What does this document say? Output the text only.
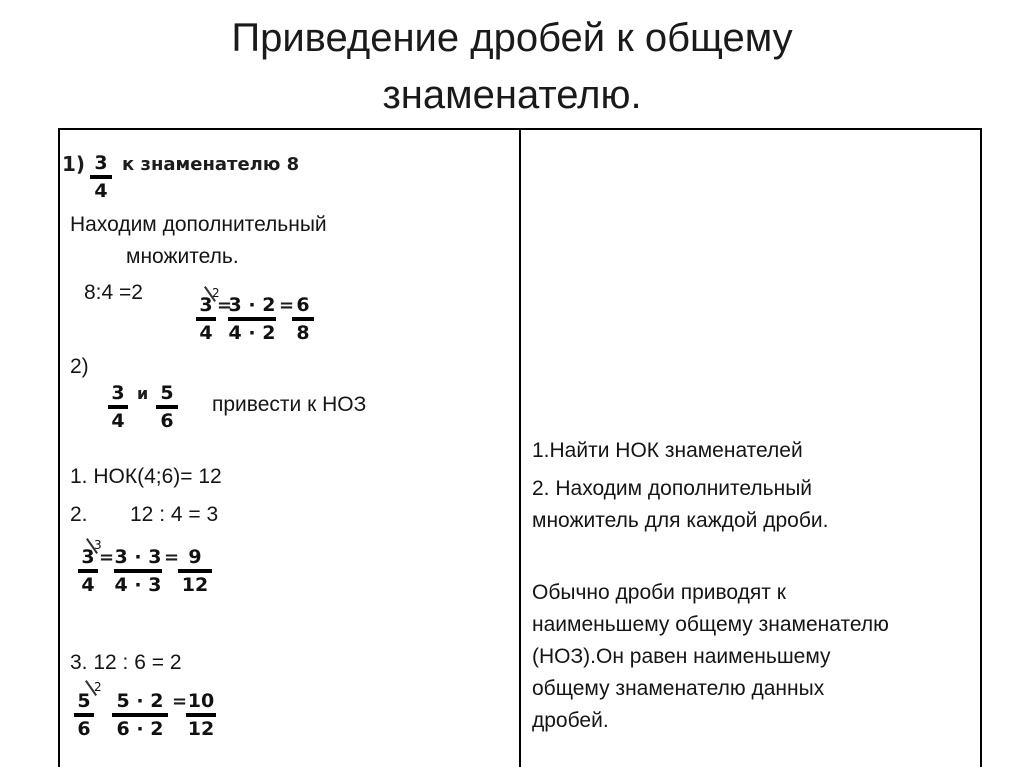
Приведение дробей к общему
знаменателю.
1) 3
4
к знаменателю 8
Находим дополнительный
множитель.
8:4 =2	2
3
4
=
3 · 2
4 · 2
= 6
8
2)
3
4
и 5
6
привести к НОЗ
1. НОК(4;6)= 12
2. 12 : 4 = 3
3
3
4
= 3 · 3
4 · 3
= 9
12
3. 12 : 6 = 2
2
5
6
5 · 2
6 · 2
= 10
12
1.Найти НОК знаменателей
2. Находим дополнительный
множитель для каждой дроби.
Обычно дроби приводят к
наименьшему общему знаменателю
(НОЗ).Он равен наименьшему
общему знаменателю данных
дробей.
